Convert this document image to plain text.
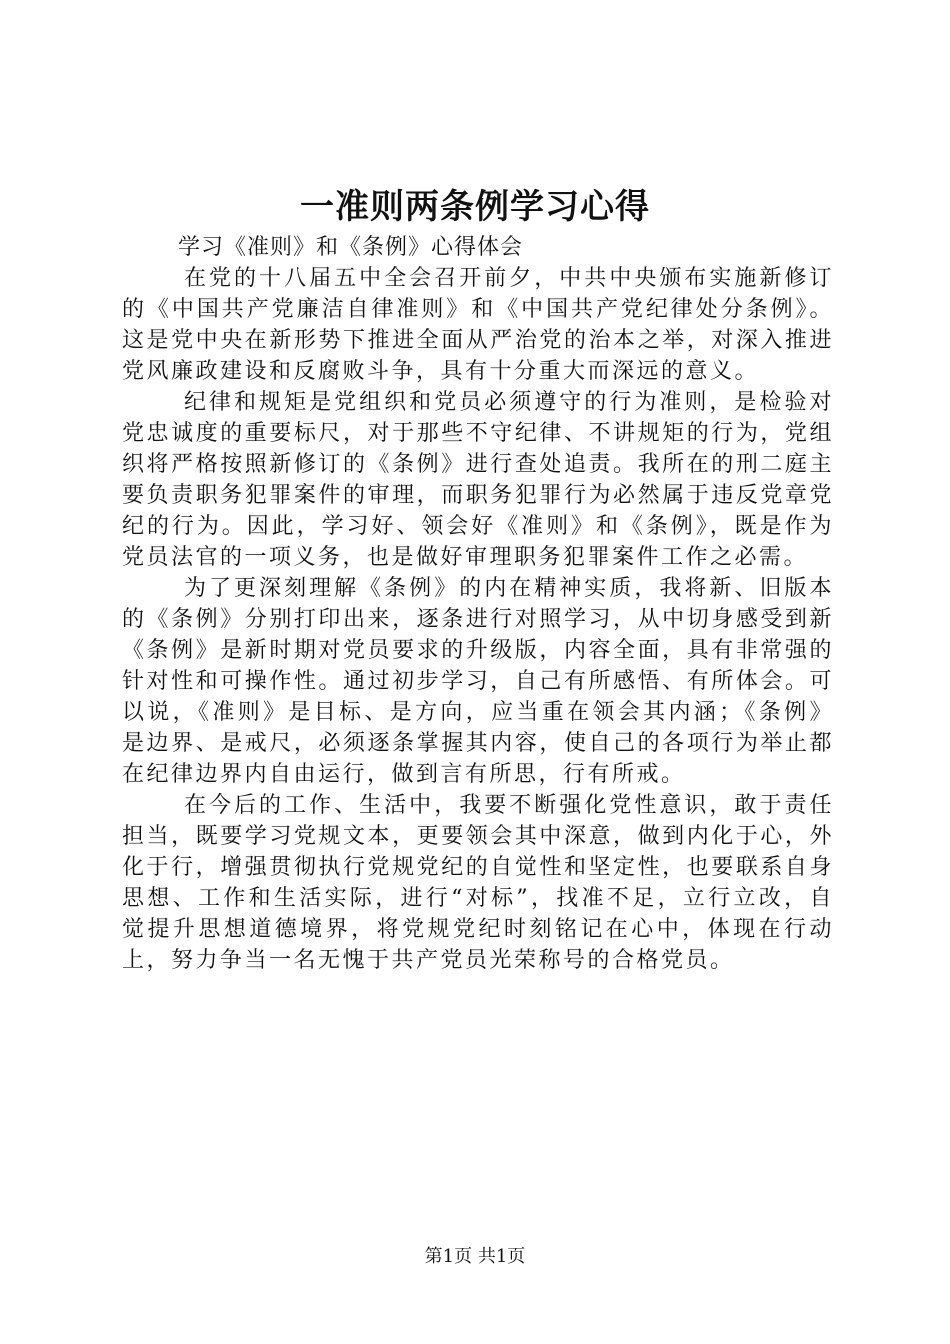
一准则两条例学习心得

学习《准则》和《条例》心得体会

在党的十八届五中全会召开前夕，中共中央颁布实施新修订的《中国共产党廉洁自律准则》和《中国共产党纪律处分条例》。这是党中央在新形势下推进全面从严治党的治本之举，对深入推进党风廉政建设和反腐败斗争，具有十分重大而深远的意义。

纪律和规矩是党组织和党员必须遵守的行为准则，是检验对党忠诚度的重要标尺，对于那些不守纪律、不讲规矩的行为，党组织将严格按照新修订的《条例》进行查处追责。我所在的刑二庭主要负责职务犯罪案件的审理，而职务犯罪行为必然属于违反党章党纪的行为。因此，学习好、领会好《准则》和《条例》，既是作为党员法官的一项义务，也是做好审理职务犯罪案件工作之必需。

为了更深刻理解《条例》的内在精神实质，我将新、旧版本的《条例》分别打印出来，逐条进行对照学习，从中切身感受到新《条例》是新时期对党员要求的升级版，内容全面，具有非常强的针对性和可操作性。通过初步学习，自己有所感悟、有所体会。可以说，《准则》是目标、是方向，应当重在领会其内涵；《条例》是边界、是戒尺，必须逐条掌握其内容，使自己的各项行为举止都在纪律边界内自由运行，做到言有所思，行有所戒。

在今后的工作、生活中，我要不断强化党性意识，敢于责任担当，既要学习党规文本，更要领会其中深意，做到内化于心，外化于行，增强贯彻执行党规党纪的自觉性和坚定性，也要联系自身思想、工作和生活实际，进行“对标”，找准不足，立行立改，自觉提升思想道德境界，将党规党纪时刻铭记在心中，体现在行动上，努力争当一名无愧于共产党员光荣称号的合格党员。

第1页 共1页
